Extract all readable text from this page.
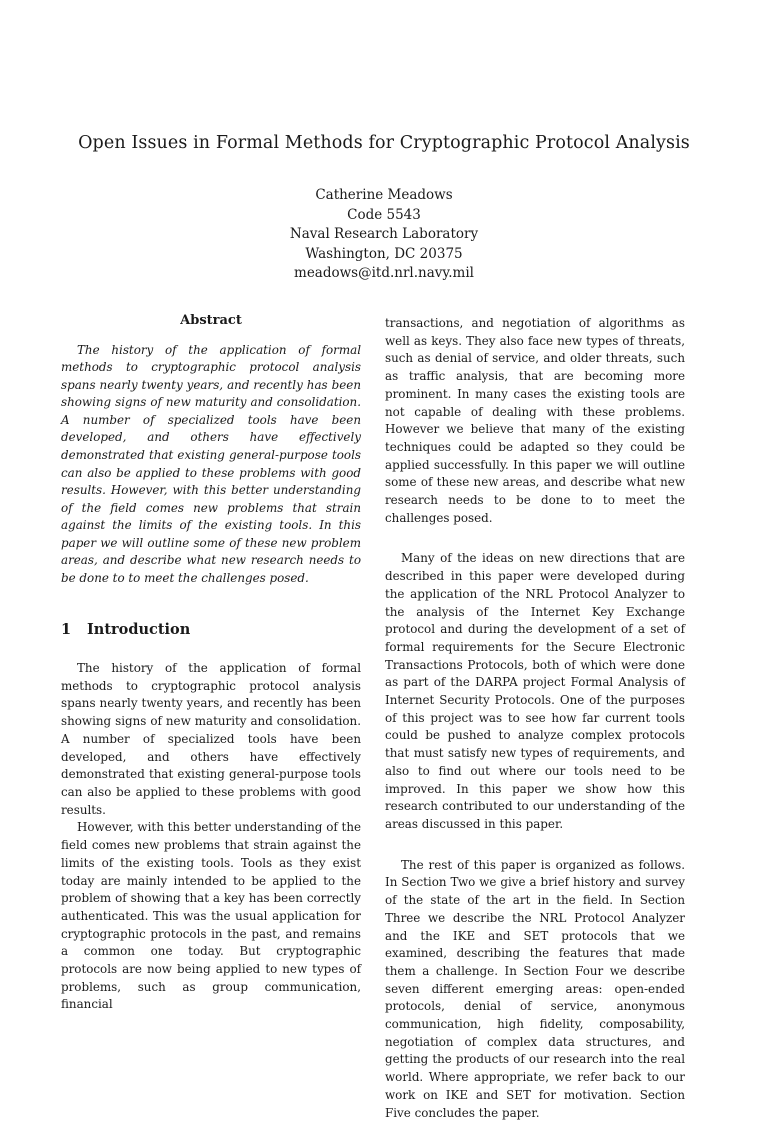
Open Issues in Formal Methods for Cryptographic Protocol Analysis
Catherine Meadows
Code 5543
Naval Research Laboratory
Washington, DC 20375
meadows@itd.nrl.navy.mil
Abstract

The history of the application of formal methods to cryptographic protocol analysis spans nearly twenty years, and recently has been showing signs of new maturity and consolidation. A number of specialized tools have been developed, and others have effectively demonstrated that existing general-purpose tools can also be applied to these problems with good results. However, with this better understanding of the field comes new problems that strain against the limits of the existing tools. In this paper we will outline some of these new problem areas, and describe what new research needs to be done to to meet the challenges posed.

1 Introduction

The history of the application of formal methods to cryptographic protocol analysis spans nearly twenty years, and recently has been showing signs of new maturity and consolidation. A number of specialized tools have been developed, and others have effectively demonstrated that existing general-purpose tools can also be applied to these problems with good results.

However, with this better understanding of the field comes new problems that strain against the limits of the existing tools. Tools as they exist today are mainly intended to be applied to the problem of showing that a key has been correctly authenticated. This was the usual application for cryptographic protocols in the past, and remains a common one today. But cryptographic protocols are now being applied to new types of problems, such as group communication, financial

transactions, and negotiation of algorithms as well as keys. They also face new types of threats, such as denial of service, and older threats, such as traffic analysis, that are becoming more prominent. In many cases the existing tools are not capable of dealing with these problems. However we believe that many of the existing techniques could be adapted so they could be applied successfully. In this paper we will outline some of these new areas, and describe what new research needs to be done to to meet the challenges posed.

Many of the ideas on new directions that are described in this paper were developed during the application of the NRL Protocol Analyzer to the analysis of the Internet Key Exchange protocol and during the development of a set of formal requirements for the Secure Electronic Transactions Protocols, both of which were done as part of the DARPA project Formal Analysis of Internet Security Protocols. One of the purposes of this project was to see how far current tools could be pushed to analyze complex protocols that must satisfy new types of requirements, and also to find out where our tools need to be improved. In this paper we show how this research contributed to our understanding of the areas discussed in this paper.

The rest of this paper is organized as follows. In Section Two we give a brief history and survey of the state of the art in the field. In Section Three we describe the NRL Protocol Analyzer and the IKE and SET protocols that we examined, describing the features that made them a challenge. In Section Four we describe seven different emerging areas: open-ended protocols, denial of service, anonymous communication, high fidelity, composability, negotiation of complex data structures, and getting the products of our research into the real world. Where appropriate, we refer back to our work on IKE and SET for motivation. Section Five concludes the paper.
